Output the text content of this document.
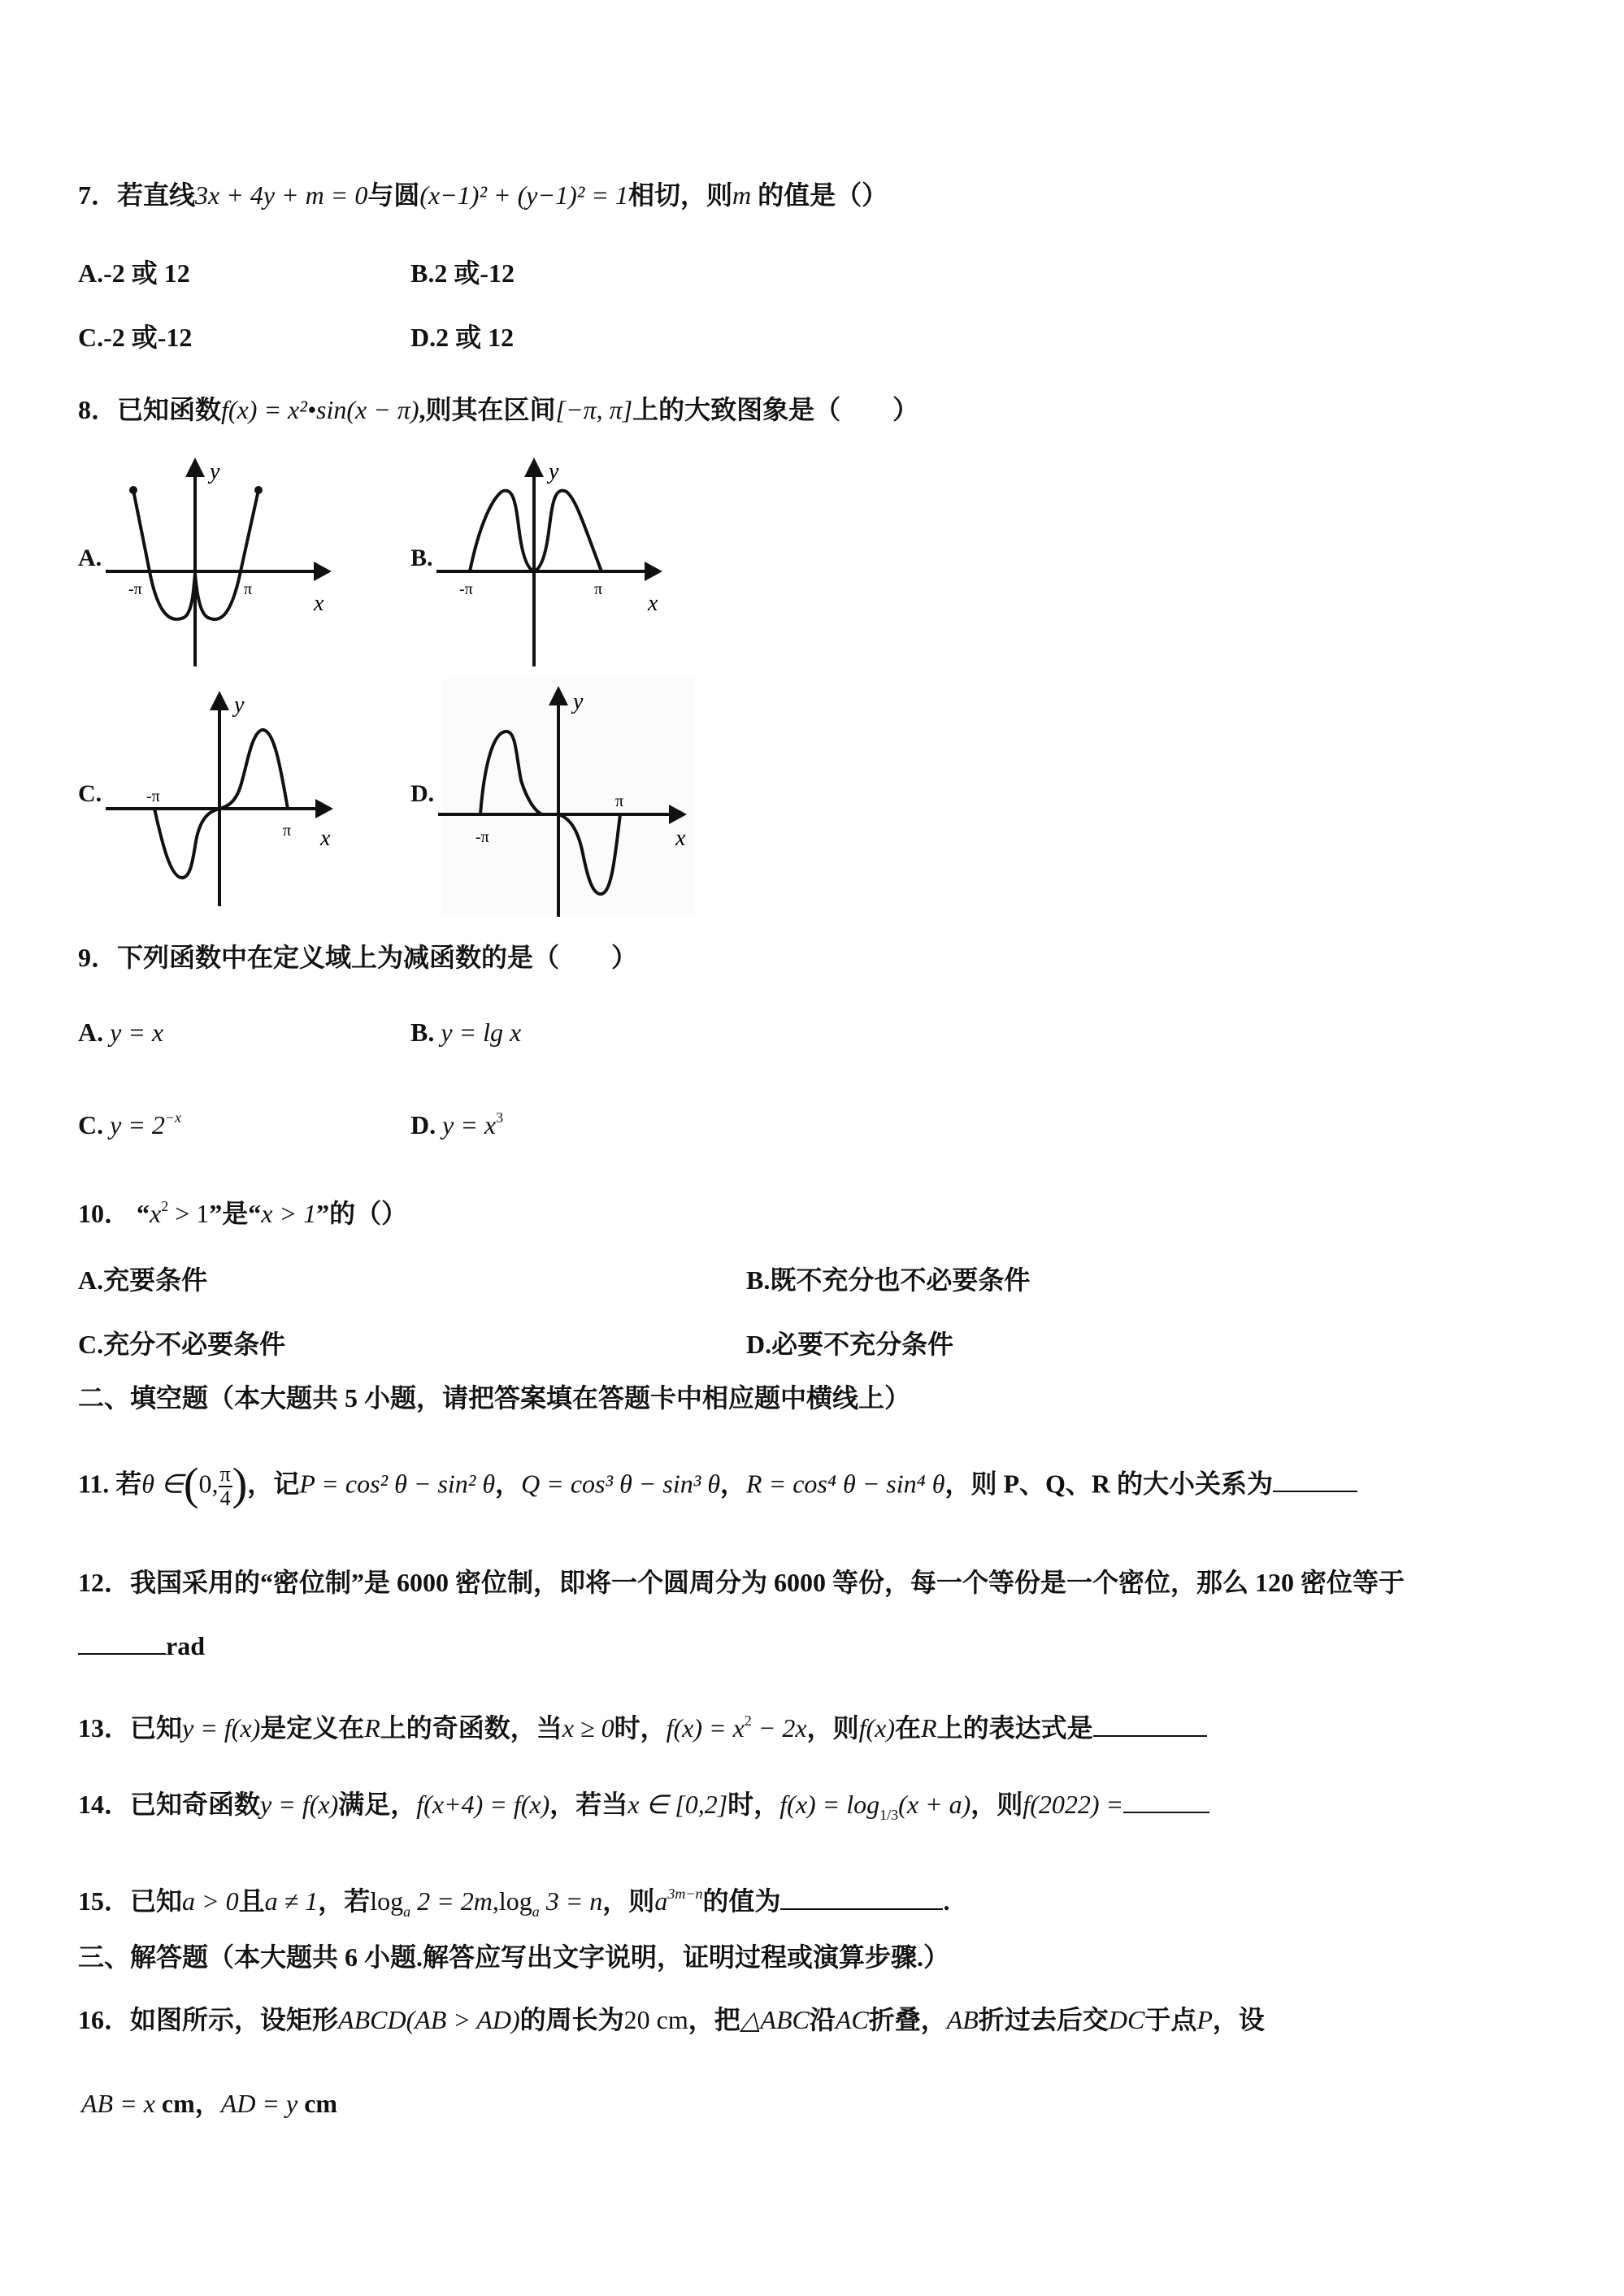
7．若直线3x + 4y + m = 0与圆(x−1)² + (y−1)² = 1相切，则m 的值是（）
A.-2 或 12	B.2 或-12
C.-2 或-12	D.2 或 12
8．已知函数f(x) = x²•sin(x − π),则其在区间[−π, π]上的大致图象是（　　）
A.
-π	π
x
y
B.
-π	π
x
y
C.	-π
π x
y
D.
-π
π
x
y
9．下列函数中在定义域上为减函数的是（　　）
A. y = x	B. y = lg x
C. $y = 2^{-x}$	D. $y = x^3$
10． “$x^2 > 1$”是“x > 1”的（）
A.充要条件	B.既不充分也不必要条件
C.充分不必要条件	D.必要不充分条件
二、填空题（本大题共 5 小题，请把答案填在答题卡中相应题中横线上）
11. 若θ ∈(0, $\frac{\pi}{4}$ )，记P = cos² θ − sin² θ，Q = cos³ θ − sin³ θ，R = cos⁴ θ − sin⁴ θ，则 P、Q、R 的大小关系为
12．我国采用的“密位制”是 6000 密位制，即将一个圆周分为 6000 等份，每一个等份是一个密位，那么 120 密位等于
rad
13．已知y = f(x)是定义在R上的奇函数，当x ≥ 0时，$f(x) = x^2 - 2x$，则f(x)在R上的表达式是
14．已知奇函数y = f(x)满足，f(x+4) = f(x)，若当x ∈ [0,2]时，$f(x) = \log_{1/3}(x + a)$，则f(2022) =
15．已知a > 0且a ≠ 1，若$\log_a 2 = 2m,\log_a$ 3 = n，则$a^{3m-n}$的值为	.
三、解答题（本大题共 6 小题.解答应写出文字说明，证明过程或演算步骤.）
16．如图所示，设矩形ABCD(AB > AD)的周长为20 cm，把△ABC沿AC折叠，AB折过去后交DC于点P，设
AB = x cm，AD = y cm
